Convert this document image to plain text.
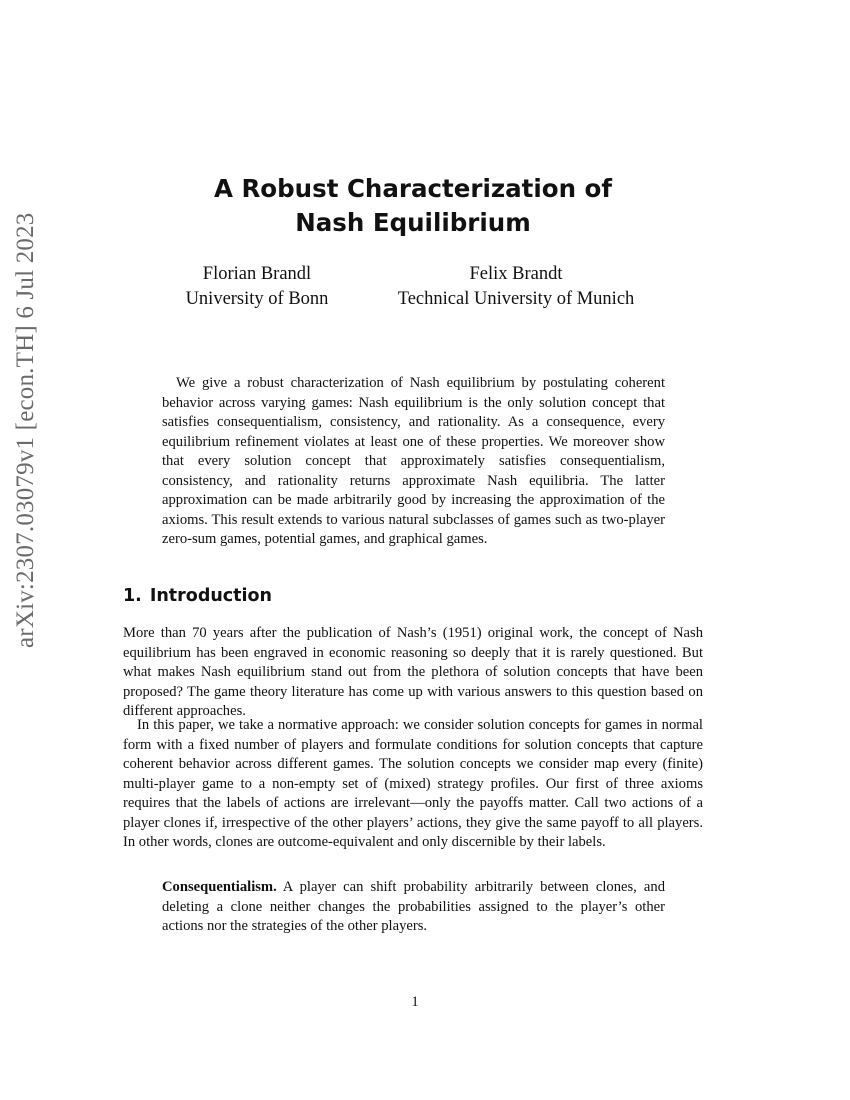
arXiv:2307.03079v1 [econ.TH] 6 Jul 2023
A Robust Characterization of
Nash Equilibrium
Florian Brandl
University of Bonn
Felix Brandt
Technical University of Munich

We give a robust characterization of Nash equilibrium by postulating coherent behavior across varying games: Nash equilibrium is the only solution concept that satisfies consequentialism, consistency, and rationality. As a consequence, every equilibrium refinement violates at least one of these properties. We moreover show that every solution concept that approximately satisfies consequentialism, consistency, and rationality returns approximate Nash equilibria. The latter approximation can be made arbitrarily good by increasing the approximation of the axioms. This result extends to various natural subclasses of games such as two-player zero-sum games, potential games, and graphical games.

1. Introduction

More than 70 years after the publication of Nash’s (1951) original work, the concept of Nash equilibrium has been engraved in economic reasoning so deeply that it is rarely questioned. But what makes Nash equilibrium stand out from the plethora of solution concepts that have been proposed? The game theory literature has come up with various answers to this question based on different approaches.

In this paper, we take a normative approach: we consider solution concepts for games in normal form with a fixed number of players and formulate conditions for solution concepts that capture coherent behavior across different games. The solution concepts we consider map every (finite) multi-player game to a non-empty set of (mixed) strategy profiles. Our first of three axioms requires that the labels of actions are irrelevant—only the payoffs matter. Call two actions of a player clones if, irrespective of the other players’ actions, they give the same payoff to all players. In other words, clones are outcome-equivalent and only discernible by their labels.

Consequentialism. A player can shift probability arbitrarily between clones, and deleting a clone neither changes the probabilities assigned to the player’s other actions nor the strategies of the other players.

1
